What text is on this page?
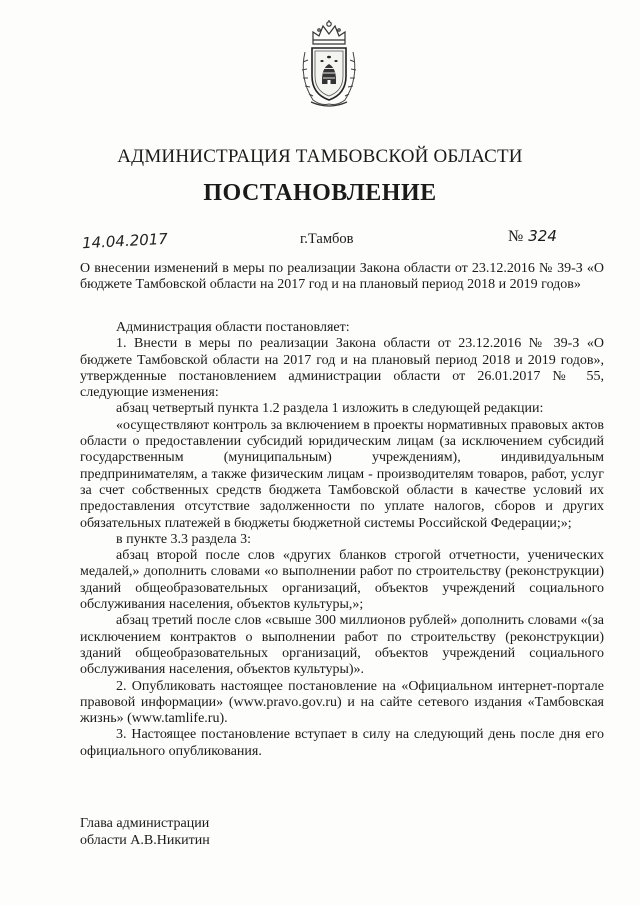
АДМИНИСТРАЦИЯ ТАМБОВСКОЙ ОБЛАСТИ
ПОСТАНОВЛЕНИЕ
14.04.2017	г.Тамбов	№ 324
О внесении изменений в меры по реализации Закона области от 23.12.2016 № 39-З «О бюджете Тамбовской области на 2017 год и на плановый период 2018 и 2019 годов»

Администрация области постановляет:

1. Внести в меры по реализации Закона области от 23.12.2016 № 39-З «О бюджете Тамбовской области на 2017 год и на плановый период 2018 и 2019 годов», утвержденные постановлением администрации области от 26.01.2017 № 55, следующие изменения:

абзац четвертый пункта 1.2 раздела 1 изложить в следующей редакции:

«осуществляют контроль за включением в проекты нормативных правовых актов области о предоставлении субсидий юридическим лицам (за исключением субсидий государственным (муниципальным) учреждениям), индивидуальным предпринимателям, а также физическим лицам - производителям товаров, работ, услуг за счет собственных средств бюджета Тамбовской области в качестве условий их предоставления отсутствие задолженности по уплате налогов, сборов и других обязательных платежей в бюджеты бюджетной системы Российской Федерации;»;

в пункте 3.3 раздела 3:

абзац второй после слов «других бланков строгой отчетности, ученических медалей,» дополнить словами «о выполнении работ по строительству (реконструкции) зданий общеобразовательных организаций, объектов учреждений социального обслуживания населения, объектов культуры,»;

абзац третий после слов «свыше 300 миллионов рублей» дополнить словами «(за исключением контрактов о выполнении работ по строительству (реконструкции) зданий общеобразовательных организаций, объектов учреждений социального обслуживания населения, объектов культуры)».

2. Опубликовать настоящее постановление на «Официальном интернет-портале правовой информации» (www.pravo.gov.ru) и на сайте сетевого издания «Тамбовская жизнь» (www.tamlife.ru).

3. Настоящее постановление вступает в силу на следующий день после дня его официального опубликования.

Глава администрации
области А.В.Никитин
